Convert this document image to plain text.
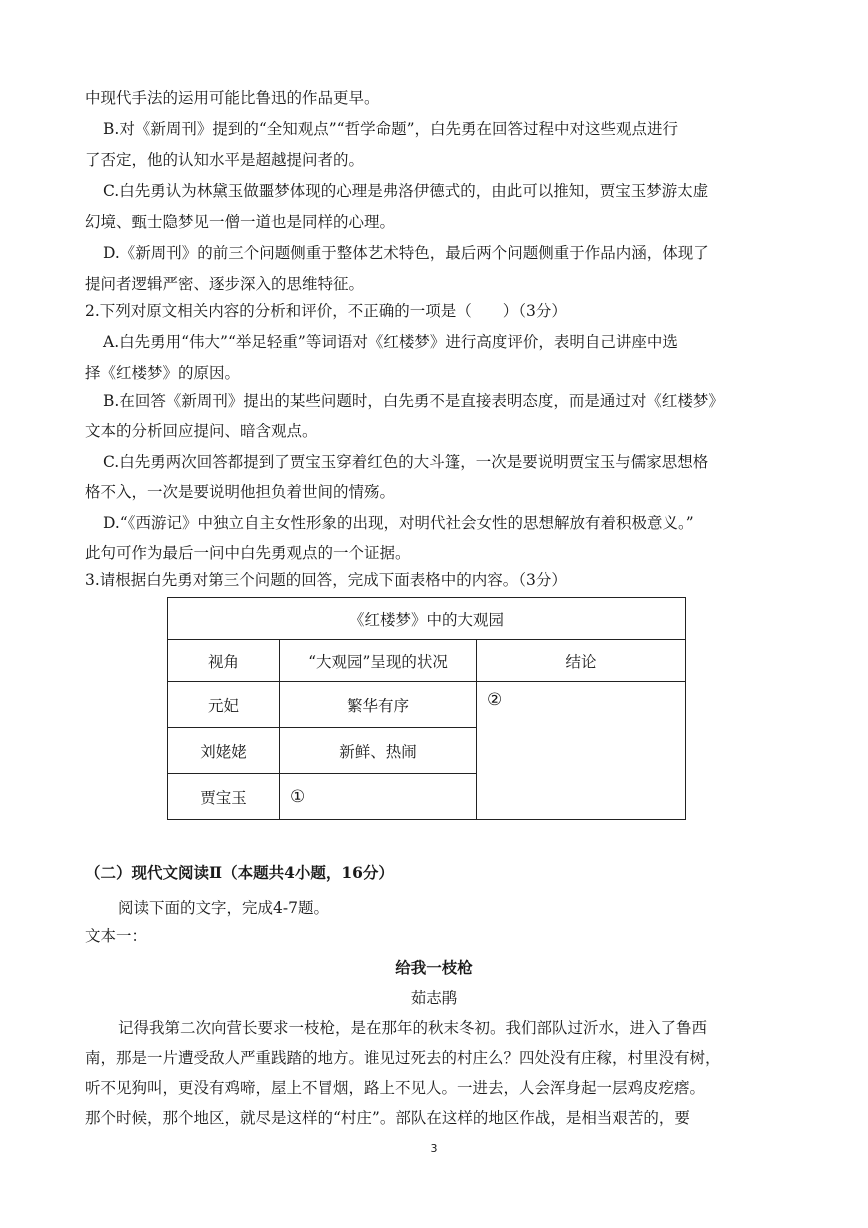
中现代手法的运用可能比鲁迅的作品更早。
B.对《新周刊》提到的“全知观点”“哲学命题”，白先勇在回答过程中对这些观点进行
了否定，他的认知水平是超越提问者的。
C.白先勇认为林黛玉做噩梦体现的心理是弗洛伊德式的，由此可以推知，贾宝玉梦游太虚
幻境、甄士隐梦见一僧一道也是同样的心理。
D.《新周刊》的前三个问题侧重于整体艺术特色，最后两个问题侧重于作品内涵，体现了
提问者逻辑严密、逐步深入的思维特征。
2.下列对原文相关内容的分析和评价，不正确的一项是（　　）（3分）
A.白先勇用“伟大”“举足轻重”等词语对《红楼梦》进行高度评价，表明自己讲座中选
择《红楼梦》的原因。
B.在回答《新周刊》提出的某些问题时，白先勇不是直接表明态度，而是通过对《红楼梦》
文本的分析回应提问、暗含观点。
C.白先勇两次回答都提到了贾宝玉穿着红色的大斗篷，一次是要说明贾宝玉与儒家思想格
格不入，一次是要说明他担负着世间的情殇。
D.“《西游记》中独立自主女性形象的出现，对明代社会女性的思想解放有着积极意义。”
此句可作为最后一问中白先勇观点的一个证据。
3.请根据白先勇对第三个问题的回答，完成下面表格中的内容。（3分）
《红楼梦》中的大观园		
视角	“大观园”呈现的状况	结论
元妃	繁华有序	②
刘姥姥	新鲜、热闹	
贾宝玉	①	
（二）现代文阅读Ⅱ（本题共4小题，16分）
阅读下面的文字，完成4-7题。
文本一：
给我一枝枪
茹志鹃
记得我第二次向营长要求一枝枪，是在那年的秋末冬初。我们部队过沂水，进入了鲁西
南，那是一片遭受敌人严重践踏的地方。谁见过死去的村庄么？四处没有庄稼，村里没有树，
听不见狗叫，更没有鸡啼，屋上不冒烟，路上不见人。一进去，人会浑身起一层鸡皮疙瘩。
那个时候，那个地区，就尽是这样的“村庄”。部队在这样的地区作战，是相当艰苦的，要
3
